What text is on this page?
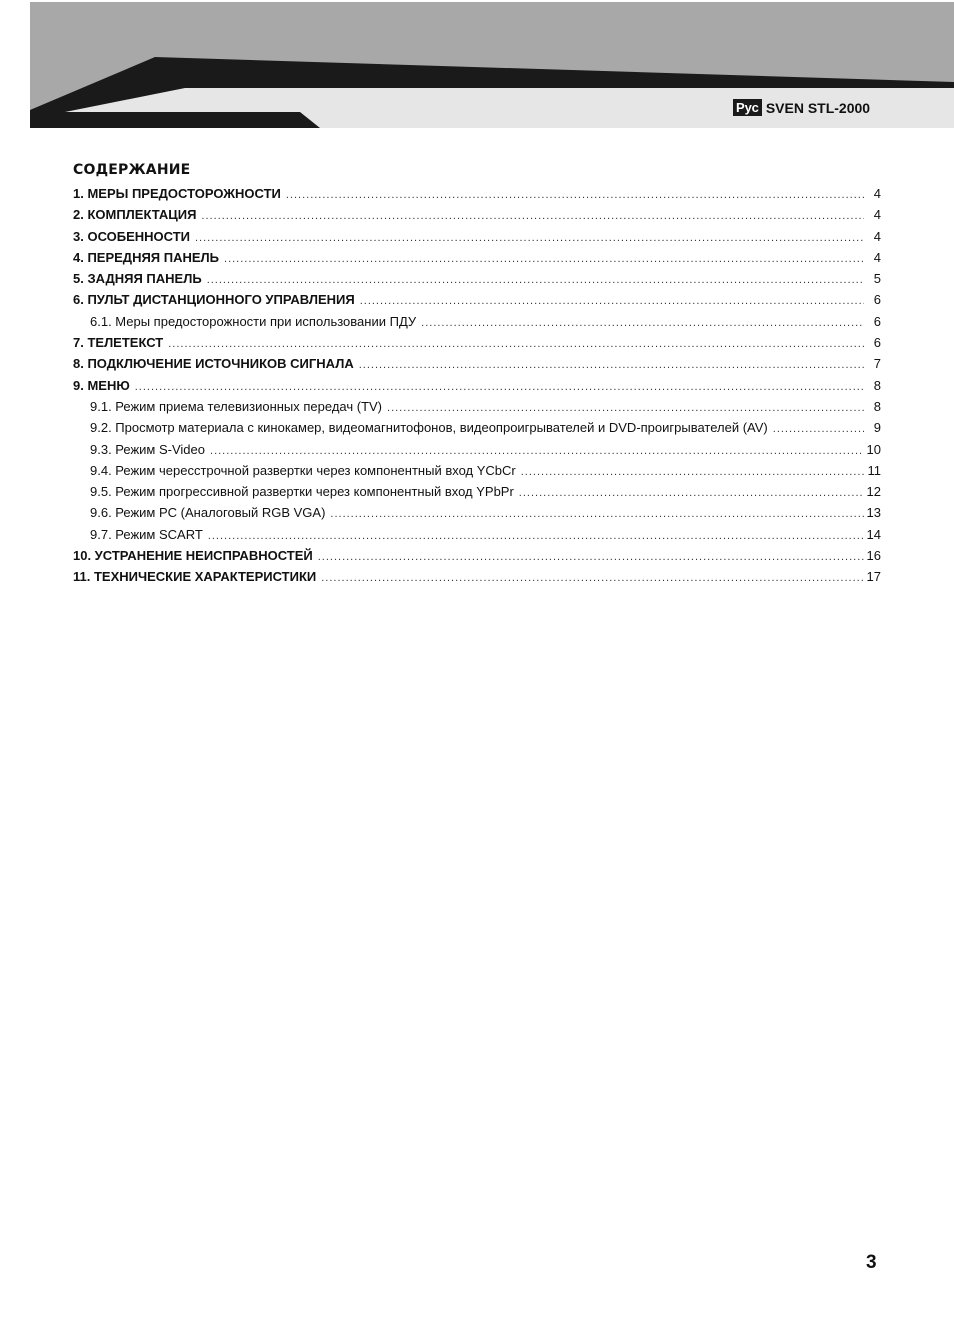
Рус SVEN STL-2000
СОДЕРЖАНИЕ
1. МЕРЫ ПРЕДОСТОРОЖНОСТИ .....	4
2. КОМПЛЕКТАЦИЯ .....	4
3. ОСОБЕННОСТИ .....	4
4. ПЕРЕДНЯЯ ПАНЕЛЬ .....	4
5. ЗАДНЯЯ ПАНЕЛЬ .....	5
6. ПУЛЬТ ДИСТАНЦИОННОГО УПРАВЛЕНИЯ .....	6
6.1. Меры предосторожности при использовании ПДУ .....	6
7. ТЕЛЕТЕКСТ .....	6
8. ПОДКЛЮЧЕНИЕ ИСТОЧНИКОВ СИГНАЛА .....	7
9. МЕНЮ .....	8
9.1. Режим приема телевизионных передач (TV) .....	8
9.2. Просмотр материала с кинокамер, видеомагнитофонов, видеопроигрывателей и DVD-проигрывателей (AV) .....	9
9.3. Режим S-Video .....	10
9.4. Режим чересстрочной развертки через компонентный вход YCbCr .....	11
9.5. Режим прогрессивной развертки через компонентный вход YPbPr .....	12
9.6. Режим PC (Аналоговый RGB VGA) .....	13
9.7. Режим SCART .....	14
10. УСТРАНЕНИЕ НЕИСПРАВНОСТЕЙ .....	16
11. ТЕХНИЧЕСКИЕ ХАРАКТЕРИСТИКИ .....	17
3
